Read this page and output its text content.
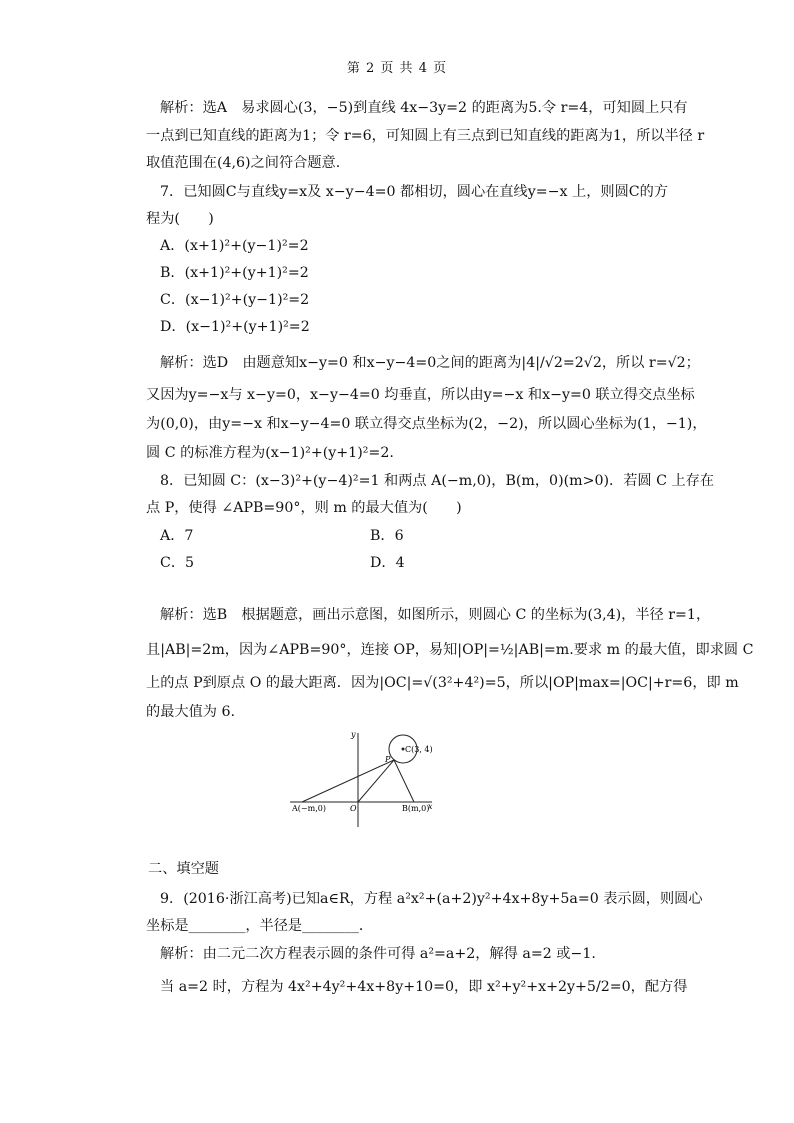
第 2 页 共 4 页
解析：选A　易求圆心(3，−5)到直线 4x−3y=2 的距离为5.令 r=4，可知圆上只有
一点到已知直线的距离为1；令 r=6，可知圆上有三点到已知直线的距离为1，所以半径 r
取值范围在(4,6)之间符合题意.
7．已知圆C与直线y=x及 x−y−4=0 都相切，圆心在直线y=−x 上，则圆C的方
程为(　　)
A．(x+1)²+(y−1)²=2
B．(x+1)²+(y+1)²=2
C．(x−1)²+(y−1)²=2
D．(x−1)²+(y+1)²=2
解析：选D　由题意知x−y=0 和x−y−4=0之间的距离为|4|/√2=2√2，所以 r=√2；
又因为y=−x与 x−y=0，x−y−4=0 均垂直，所以由y=−x 和x−y=0 联立得交点坐标
为(0,0)，由y=−x 和x−y−4=0 联立得交点坐标为(2，−2)，所以圆心坐标为(1，−1)，
圆 C 的标准方程为(x−1)²+(y+1)²=2.
8．已知圆 C：(x−3)²+(y−4)²=1 和两点 A(−m,0)，B(m，0)(m>0)．若圆 C 上存在
点 P，使得 ∠APB=90°，则 m 的最大值为(　　)
A．7	B．6
C．5	D．4
解析：选B　根据题意，画出示意图，如图所示，则圆心 C 的坐标为(3,4)，半径 r=1，
且|AB|=2m，因为∠APB=90°，连接 OP，易知|OP|=½|AB|=m.要求 m 的最大值，即求圆 C
上的点 P到原点 O 的最大距离．因为|OC|=√(3²+4²)=5，所以|OP|max=|OC|+r=6，即 m
的最大值为 6.
y
x
O
P
C(3, 4)
A(−m,0)	B(m,0)
二、填空题
9．(2016·浙江高考)已知a∈R，方程 a²x²+(a+2)y²+4x+8y+5a=0 表示圆，则圆心
坐标是________，半径是________．
解析：由二元二次方程表示圆的条件可得 a²=a+2，解得 a=2 或−1.
当 a=2 时，方程为 4x²+4y²+4x+8y+10=0，即 x²+y²+x+2y+5/2=0，配方得
